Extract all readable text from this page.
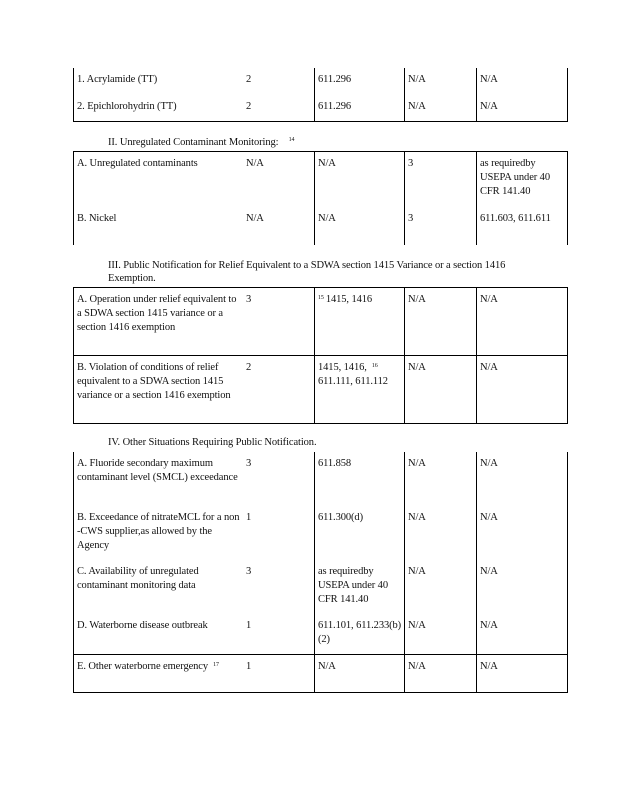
1. Acrylamide (TT)	2	611.296	N/A	N/A
2. Epichlorohydrin (TT)	2	611.296	N/A	N/A
II. Unregulated Contaminant Monitoring: $^{14}$
A. Unregulated contaminants	N/A	N/A	3	as requiredby USEPA under 40 CFR 141.40
B. Nickel	N/A	N/A	3	611.603, 611.611
III. Public Notification for Relief Equivalent to a SDWA section 1415 Variance or a section 1416 Exemption.
A. Operation under relief equivalent to a SDWA section 1415 variance or a section 1416 exemption	3	$^{15}$ 1415, 1416	N/A	N/A
B. Violation of conditions of relief equivalent to a SDWA section 1415 variance or a section 1416 exemption	2	1415, 1416, $^{16}$
611.111, 611.112	N/A	N/A
IV. Other Situations Requiring Public Notification.
A. Fluoride secondary maximum contaminant level (SMCL) exceedance	3	611.858	N/A	N/A
B. Exceedance of nitrateMCL for a non -CWS supplier,as allowed by the Agency	1	611.300(d)	N/A	N/A
C. Availability of unregulated contaminant monitoring data	3	as requiredby USEPA under 40 CFR 141.40	N/A	N/A
D. Waterborne disease outbreak	1	611.101, 611.233(b)(2)	N/A	N/A
E. Other waterborne emergency $^{17}$	1	N/A	N/A	N/A
